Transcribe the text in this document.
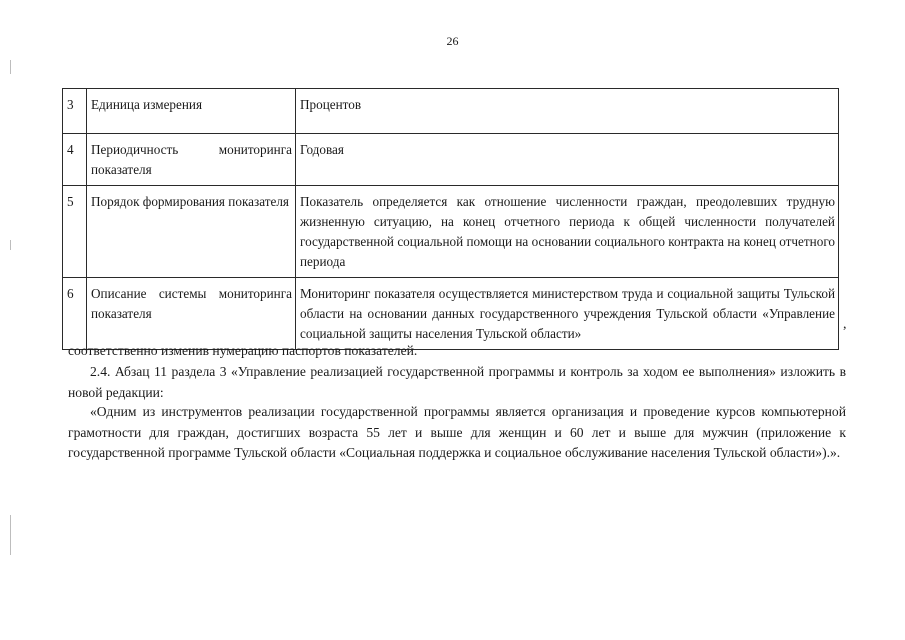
26
3	Единица измерения	Процентов
4	Периодичность мониторинга показателя	Годовая
5	Порядок формирования показателя	Показатель определяется как отношение численности граждан, преодолевших трудную жизненную ситуацию, на конец отчетного периода к общей численности получателей государственной социальной помощи на основании социального контракта на конец отчетного периода
6	Описание системы мониторинга показателя	Мониторинг показателя осуществляется министерством труда и социальной защиты Тульской области на основании данных государственного учреждения Тульской области «Управление социальной защиты населения Тульской области»
,

соответственно изменив нумерацию паспортов показателей.

2.4. Абзац 11 раздела 3 «Управление реализацией государственной программы и контроль за ходом ее выполнения» изложить в новой редакции:

«Одним из инструментов реализации государственной программы является организация и проведение курсов компьютерной грамотности для граждан, достигших возраста 55 лет и выше для женщин и 60 лет и выше для мужчин (приложение к государственной программе Тульской области «Социальная поддержка и социальное обслуживание населения Тульской области»).».
